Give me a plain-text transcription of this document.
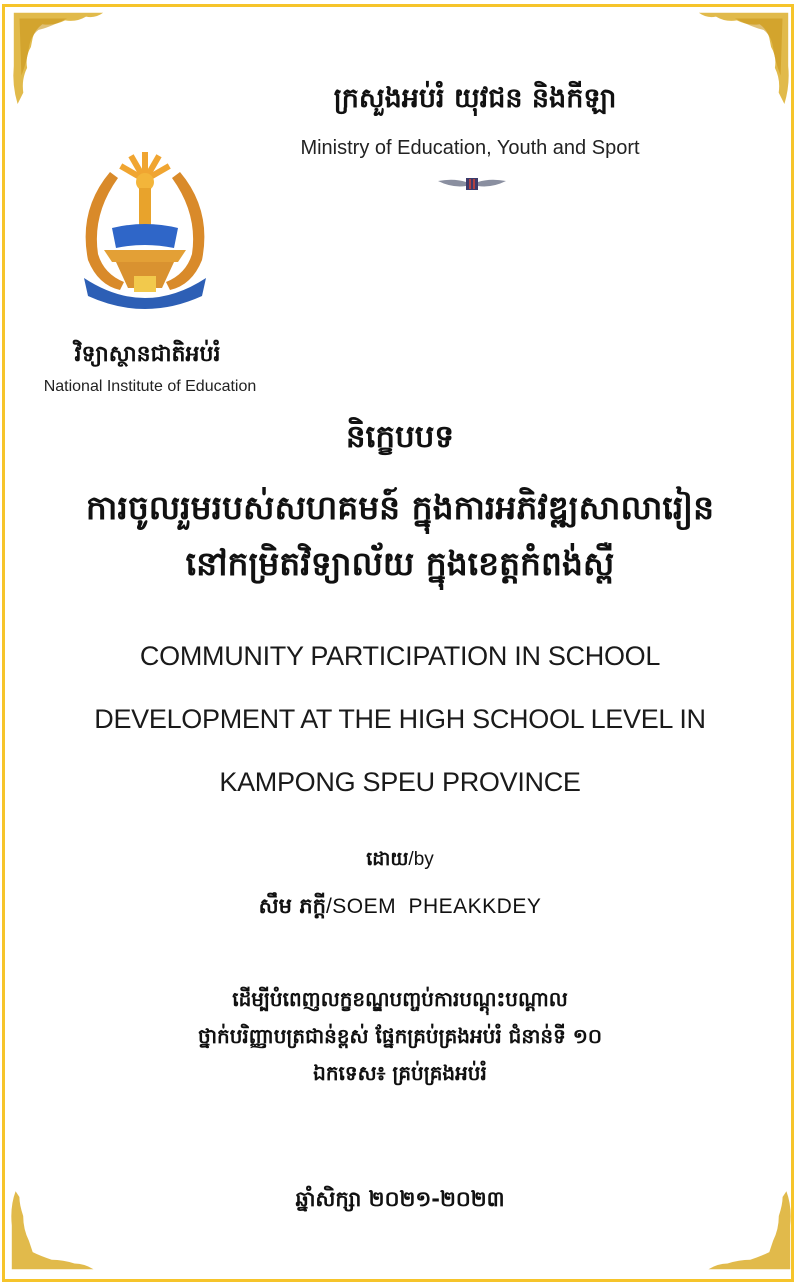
ក្រសួងអប់រំ យុវជន និងកីឡា
Ministry of Education, Youth and Sport
វិទ្យាស្ថានជាតិអប់រំ
National Institute of Education
និក្ខេបបទ
ការចូលរួមរបស់សហគមន៍ ក្នុងការអភិវឌ្ឍសាលារៀន
នៅកម្រិតវិទ្យាល័យ ក្នុងខេត្តកំពង់ស្ពឺ
COMMUNITY PARTICIPATION IN SCHOOL
DEVELOPMENT AT THE HIGH SCHOOL LEVEL IN
KAMPONG SPEU PROVINCE
ដោយ/by
សឹម ភក្តី/SOEM PHEAKKDEY
ដើម្បីបំពេញលក្ខខណ្ឌបញ្ចប់ការបណ្តុះបណ្តាល
ថ្នាក់បរិញ្ញាបត្រជាន់ខ្ពស់ ផ្នែកគ្រប់គ្រងអប់រំ ជំនាន់ទី ១០
ឯកទេស៖ គ្រប់គ្រងអប់រំ
ឆ្នាំសិក្សា ២០២១-២០២៣
